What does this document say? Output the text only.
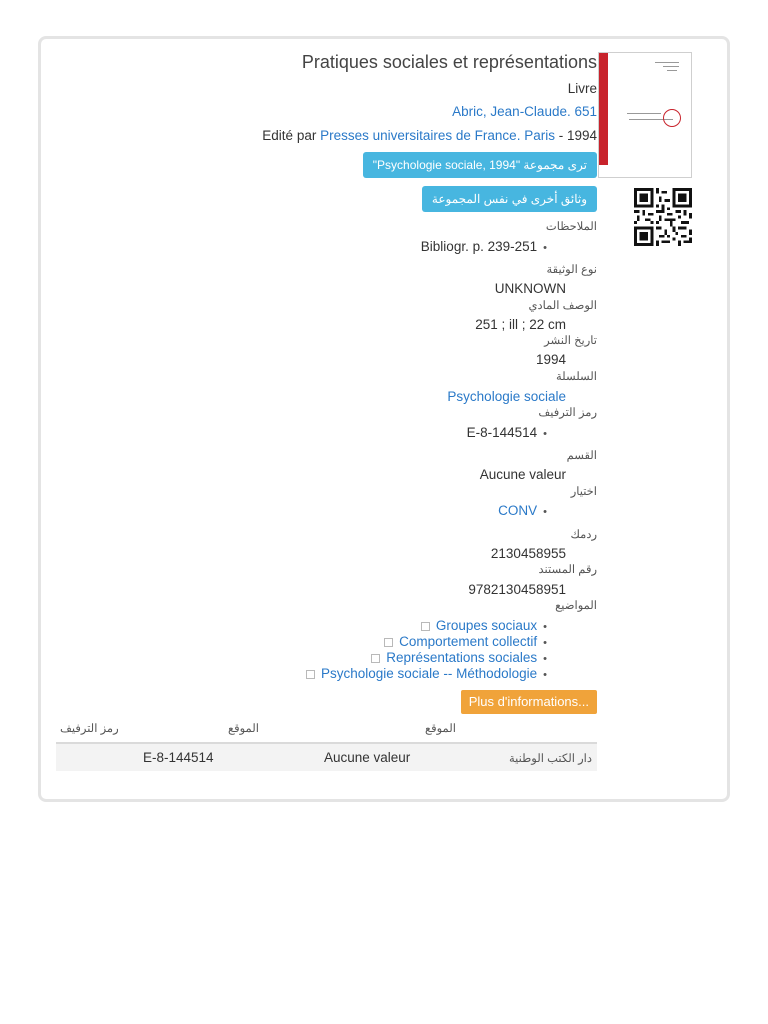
Pratiques sociales et représentations
Livre
Abric, Jean-Claude. 651
Edité par Presses universitaires de France. Paris - 1994
ترى مجموعة "Psychologie sociale, 1994"
وثائق أخرى في نفس المجموعة
الملاحظات
Bibliogr. p. 239-251 •
نوع الوثيقة
UNKNOWN
الوصف المادي
251 ; ill ; 22 cm
تاريخ النشر
1994
السلسلة
Psychologie sociale
رمز الترفيف
E-8-144514 •
القسم
Aucune valeur
اختيار
CONV •
ردمك
2130458955
رقم المستند
9782130458951
المواضيع
Groupes sociaux •
Comportement collectif •
Représentations sociales •
Psychologie sociale -- Méthodologie •
Plus d'informations...
الموقع
الموقع
رمز الترفيف
دار الكتب الوطنية
Aucune valeur
E-8-144514
